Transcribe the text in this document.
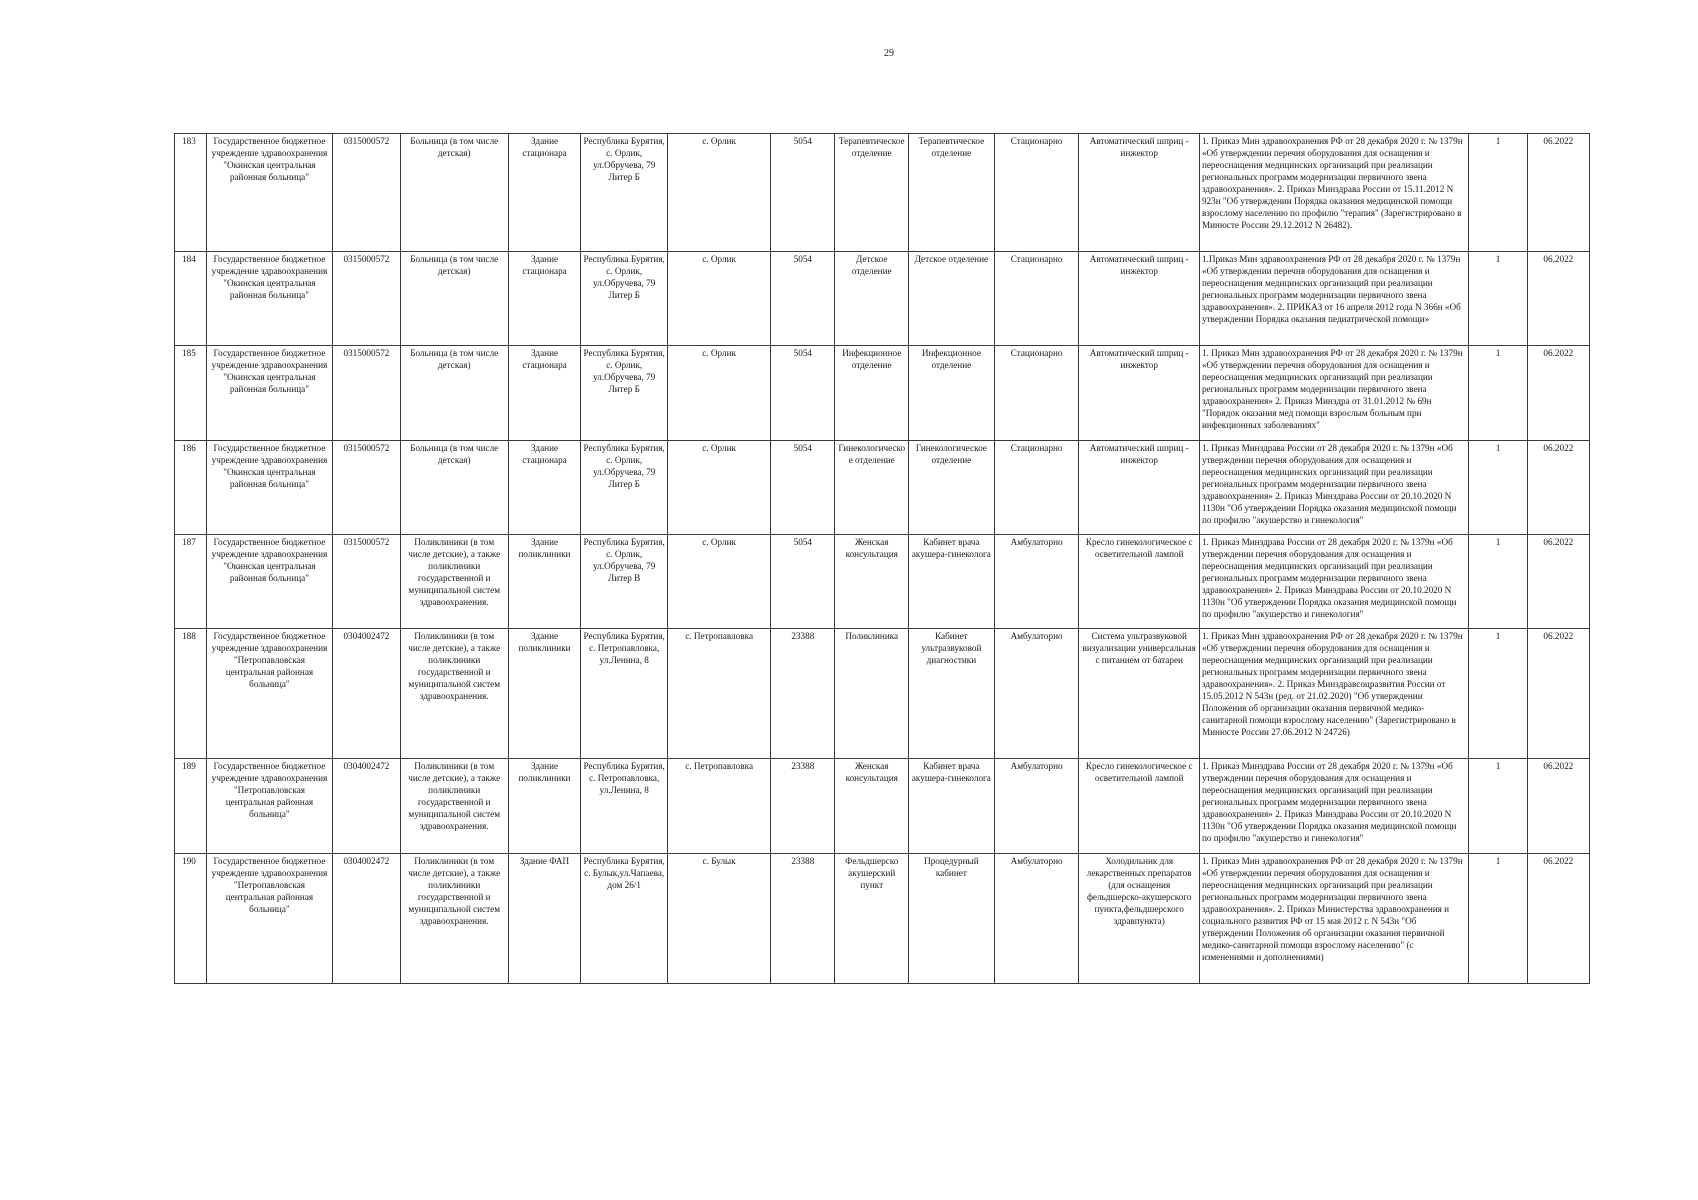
29
183	Государственное бюджетное учреждение здравоохранения "Окинская центральная районная больница"	0315000572	Больница (в том числе детская)	Здание стационара	Республика Бурятия, с. Орлик, ул.Обручева, 79 Литер Б	с. Орлик	5054	Терапевтическое отделение	Терапевтическое отделение	Стационарно	Автоматический шприц - инжектор	1. Приказ Мин здравоохранения РФ от 28 декабря 2020 г. № 1379н «Об утверждении перечня оборудования для оснащения и переоснащения медицинских организаций при реализации региональных программ модернизации первичного звена здравоохранения». 2. Приказ Минздрава России от 15.11.2012 N 923н "Об утверждении Порядка оказания медицинской помощи взрослому населению по профилю "терапия" (Зарегистрировано в Минюсте России 29.12.2012 N 26482).	1	06.2022
184	Государственное бюджетное учреждение здравоохранения "Окинская центральная районная больница"	0315000572	Больница (в том числе детская)	Здание стационара	Республика Бурятия, с. Орлик, ул.Обручева, 79 Литер Б	с. Орлик	5054	Детское отделение	Детское отделение	Стационарно	Автоматический шприц - инжектор	1.Приказ Мин здравоохранения РФ от 28 декабря 2020 г. № 1379н «Об утверждении перечня оборудования для оснащения и переоснащения медицинских организаций при реализации региональных программ модернизации первичного звена здравоохранения». 2. ПРИКАЗ от 16 апреля 2012 года N 366н «Об утверждении Порядка оказания педиатрической помощи»	1	06.2022
185	Государственное бюджетное учреждение здравоохранения "Окинская центральная районная больница"	0315000572	Больница (в том числе детская)	Здание стационара	Республика Бурятия, с. Орлик, ул.Обручева, 79 Литер Б	с. Орлик	5054	Инфекционное отделение	Инфекционное отделение	Стационарно	Автоматический шприц - инжектор	1. Приказ Мин здравоохранения РФ от 28 декабря 2020 г. № 1379н «Об утверждении перечня оборудования для оснащения и переоснащения медицинских организаций при реализации региональных программ модернизации первичного звена здравоохранения» 2. Приказ Минздра от 31.01.2012 № 69н "Порядок оказания мед помощи взрослым больным при инфекционных заболеваниях"	1	06.2022
186	Государственное бюджетное учреждение здравоохранения "Окинская центральная районная больница"	0315000572	Больница (в том числе детская)	Здание стационара	Республика Бурятия, с. Орлик, ул.Обручева, 79 Литер Б	с. Орлик	5054	Гинекологическое отделение	Гинекологическое отделение	Стационарно	Автоматический шприц - инжектор	1. Приказ Минздрава России от 28 декабря 2020 г. № 1379н «Об утверждении перечня оборудования для оснащения и переоснащения медицинских организаций при реализации региональных программ модернизации первичного звена здравоохранения» 2. Приказ Минздрава России от 20.10.2020 N 1130н "Об утверждении Порядка оказания медицинской помощи по профилю "акушерство и гинекология"	1	06.2022
187	Государственное бюджетное учреждение здравоохранения "Окинская центральная районная больница"	0315000572	Поликлиники (в том числе детские), а также поликлиники государственной и муниципальной систем здравоохранения.	Здание поликлиники	Республика Бурятия, с. Орлик, ул.Обручева, 79 Литер В	с. Орлик	5054	Женская консультация	Кабинет врача акушера-гинеколога	Амбулаторно	Кресло гинекологическое с осветительной лампой	1. Приказ Минздрава России от 28 декабря 2020 г. № 1379н «Об утверждении перечня оборудования для оснащения и переоснащения медицинских организаций при реализации региональных программ модернизации первичного звена здравоохранения» 2. Приказ Минздрава России от 20.10.2020 N 1130н "Об утверждении Порядка оказания медицинской помощи по профилю "акушерство и гинекология"	1	06.2022
188	Государственное бюджетное учреждение здравоохранения "Петропавловская центральная районная больница"	0304002472	Поликлиники (в том числе детские), а также поликлиники государственной и муниципальной систем здравоохранения.	Здание поликлиники	Республика Бурятия, с. Петропавловка, ул.Ленина, 8	с. Петропавловка	23388	Поликлиника	Кабинет ультразвуковой диагностики	Амбулаторно	Система ультразвуковой визуализации универсальная с питанием от батареи	1. Приказ Мин здравоохранения РФ от 28 декабря 2020 г. № 1379н «Об утверждении перечня оборудования для оснащения и переоснащения медицинских организаций при реализации региональных программ модернизации первичного звена здравоохранения». 2. Приказ Минздравсоцразвития России от 15.05.2012 N 543н (ред. от 21.02.2020) "Об утверждении Положения об организации оказания первичной медико-санитарной помощи взрослому населению" (Зарегистрировано в Минюсте России 27.06.2012 N 24726)	1	06.2022
189	Государственное бюджетное учреждение здравоохранения "Петропавловская центральная районная больница"	0304002472	Поликлиники (в том числе детские), а также поликлиники государственной и муниципальной систем здравоохранения.	Здание поликлиники	Республика Бурятия, с. Петропавловка, ул.Ленина, 8	с. Петропавловка	23388	Женская консультация	Кабинет врача акушера-гинеколога	Амбулаторно	Кресло гинекологическое с осветительной лампой	1. Приказ Минздрава России от 28 декабря 2020 г. № 1379н «Об утверждении перечня оборудования для оснащения и переоснащения медицинских организаций при реализации региональных программ модернизации первичного звена здравоохранения» 2. Приказ Минздрава России от 20.10.2020 N 1130н "Об утверждении Порядка оказания медицинской помощи по профилю "акушерство и гинекология"	1	06.2022
190	Государственное бюджетное учреждение здравоохранения "Петропавловская центральная районная больница"	0304002472	Поликлиники (в том числе детские), а также поликлиники государственной и муниципальной систем здравоохранения.	Здание ФАП	Республика Бурятия, с. Булык,ул.Чапаева, дом 26/1	с. Булык	23388	Фельдшерско акушерский пункт	Процедурный кабинет	Амбулаторно	Холодильник для лекарственных препаратов (для оснащения фельдшерско-акушерского пункта,фельдшерского здравпункта)	1. Приказ Мин здравоохранения РФ от 28 декабря 2020 г. № 1379н «Об утверждении перечня оборудования для оснащения и переоснащения медицинских организаций при реализации региональных программ модернизации первичного звена здравоохранения». 2. Приказ Министерства здравоохранения и социального развития РФ от 15 мая 2012 г. N 543н "Об утверждении Положения об организации оказания первичной медико-санитарной помощи взрослому населению" (с изменениями и дополнениями)	1	06.2022
